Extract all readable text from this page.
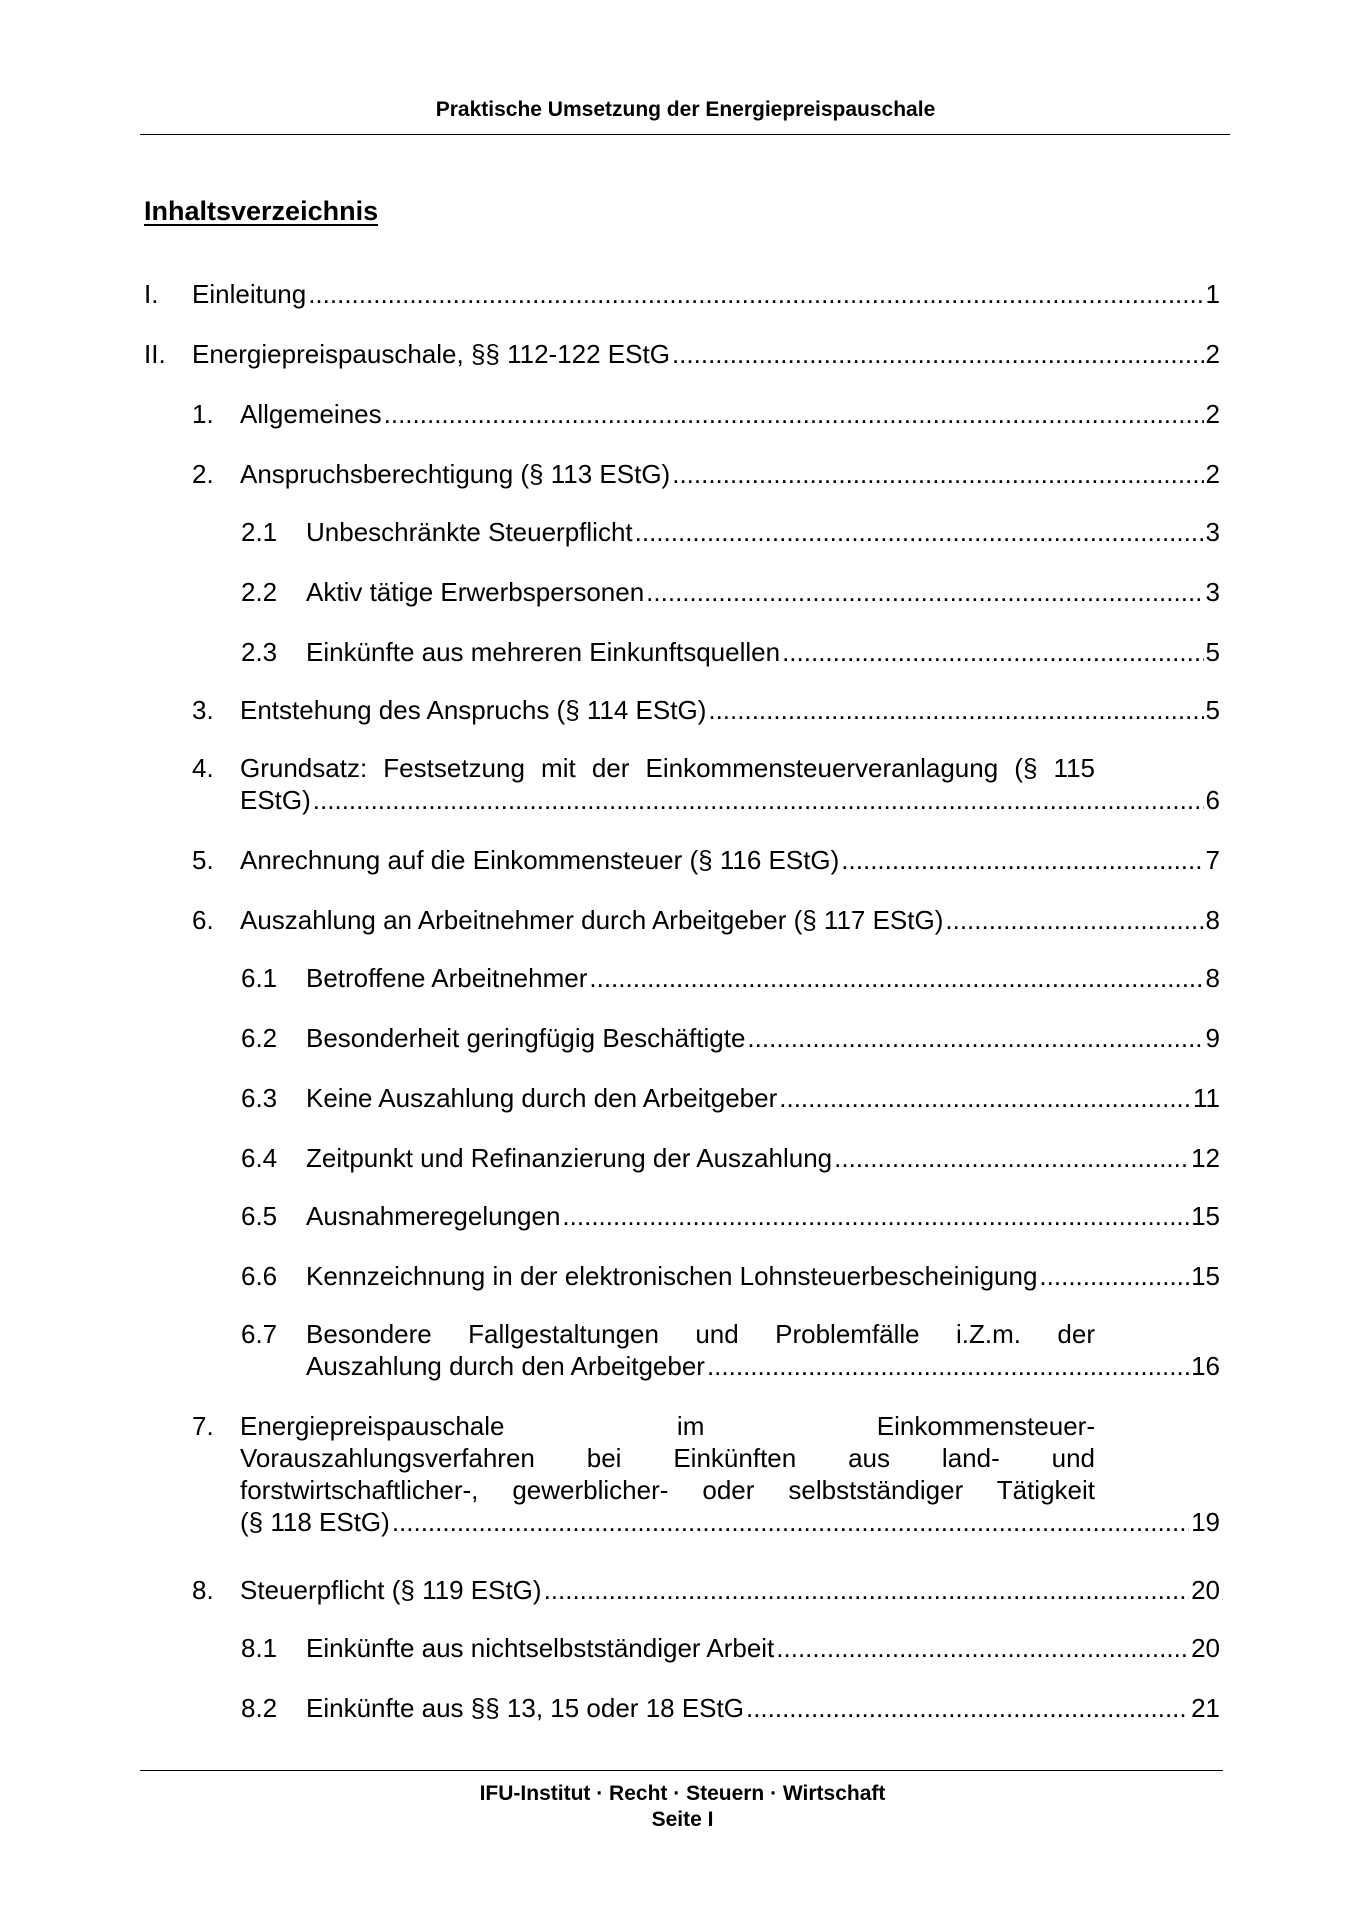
Praktische Umsetzung der Energiepreispauschale
Inhaltsverzeichnis
I. Einleitung .....	1
II. Energiepreispauschale, §§ 112-122 EStG .....	2
1. Allgemeines .....	2
2. Anspruchsberechtigung (§ 113 EStG) .....	2
2.1 Unbeschränkte Steuerpflicht .....	3
2.2 Aktiv tätige Erwerbspersonen .....	3
2.3 Einkünfte aus mehreren Einkunftsquellen .....	5
3. Entstehung des Anspruchs (§ 114 EStG) .....	5
4. Grundsatz: Festsetzung mit der Einkommensteuerveranlagung (§ 115
EStG) .....	6
5. Anrechnung auf die Einkommensteuer (§ 116 EStG) .....	7
6. Auszahlung an Arbeitnehmer durch Arbeitgeber (§ 117 EStG) .....	8
6.1 Betroffene Arbeitnehmer .....	8
6.2 Besonderheit geringfügig Beschäftigte .....	9
6.3 Keine Auszahlung durch den Arbeitgeber .....	11
6.4 Zeitpunkt und Refinanzierung der Auszahlung .....	12
6.5 Ausnahmeregelungen .....	15
6.6 Kennzeichnung in der elektronischen Lohnsteuerbescheinigung .....	15
6.7 Besondere Fallgestaltungen und Problemfälle i.Z.m. der
Auszahlung durch den Arbeitgeber .....	16
7. Energiepreispauschale im Einkommensteuer-
Vorauszahlungsverfahren bei Einkünften aus land- und
forstwirtschaftlicher-, gewerblicher- oder selbstständiger Tätigkeit
(§ 118 EStG) .....	19
8. Steuerpflicht (§ 119 EStG) .....	20
8.1 Einkünfte aus nichtselbstständiger Arbeit .....	20
8.2 Einkünfte aus §§ 13, 15 oder 18 EStG .....	21
IFU-Institut · Recht · Steuern · Wirtschaft
Seite I
